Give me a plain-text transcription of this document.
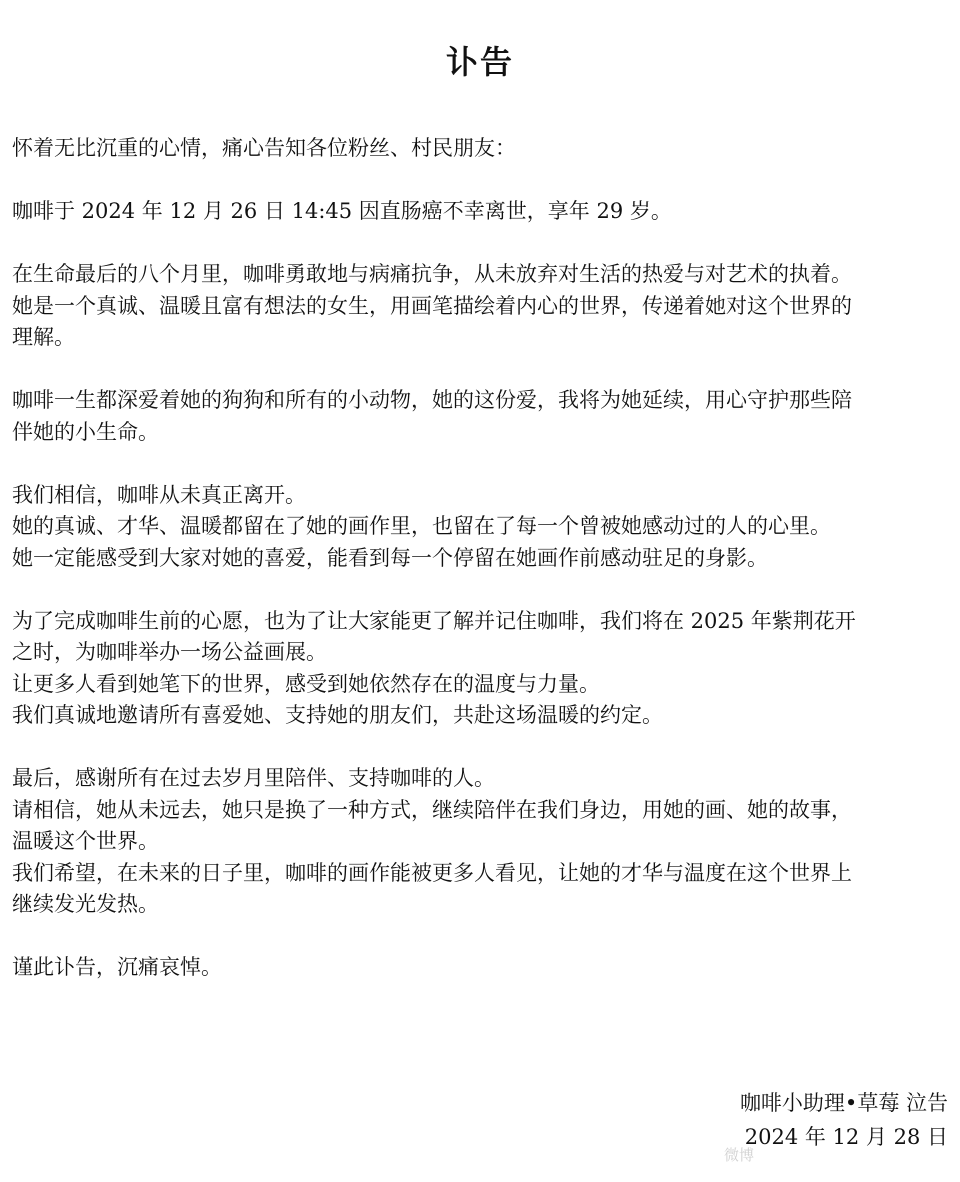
讣告

怀着无比沉重的心情，痛心告知各位粉丝、村民朋友：

咖啡于 2024 年 12 月 26 日 14:45 因直肠癌不幸离世，享年 29 岁。

在生命最后的八个月里，咖啡勇敢地与病痛抗争，从未放弃对生活的热爱与对艺术的执着。
她是一个真诚、温暖且富有想法的女生，用画笔描绘着内心的世界，传递着她对这个世界的
理解。

咖啡一生都深爱着她的狗狗和所有的小动物，她的这份爱，我将为她延续，用心守护那些陪
伴她的小生命。

我们相信，咖啡从未真正离开。
她的真诚、才华、温暖都留在了她的画作里，也留在了每一个曾被她感动过的人的心里。
她一定能感受到大家对她的喜爱，能看到每一个停留在她画作前感动驻足的身影。

为了完成咖啡生前的心愿，也为了让大家能更了解并记住咖啡，我们将在 2025 年紫荆花开
之时，为咖啡举办一场公益画展。
让更多人看到她笔下的世界，感受到她依然存在的温度与力量。
我们真诚地邀请所有喜爱她、支持她的朋友们，共赴这场温暖的约定。

最后，感谢所有在过去岁月里陪伴、支持咖啡的人。
请相信，她从未远去，她只是换了一种方式，继续陪伴在我们身边，用她的画、她的故事，
温暖这个世界。
我们希望，在未来的日子里，咖啡的画作能被更多人看见，让她的才华与温度在这个世界上
继续发光发热。

谨此讣告，沉痛哀悼。

咖啡小助理•草莓 泣告
2024 年 12 月 28 日
微博
